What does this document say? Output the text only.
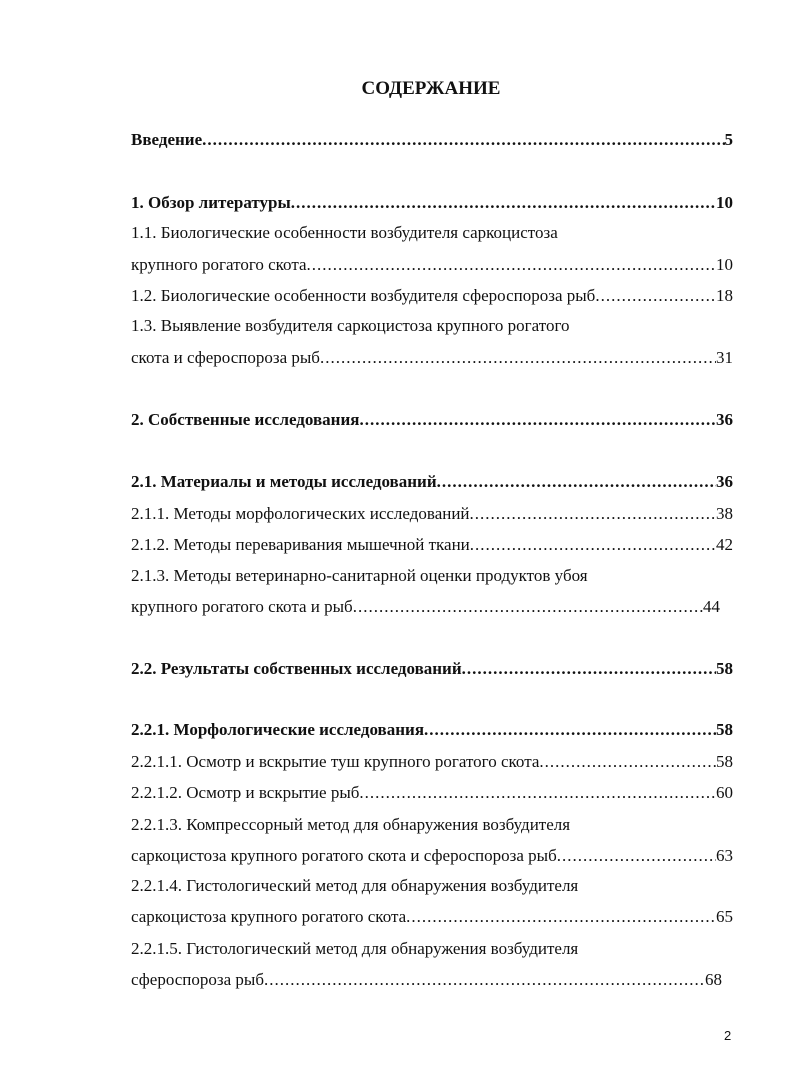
СОДЕРЖАНИЕ
Введение .....	5
1. Обзор литературы .....	10
1.1. Биологические особенности возбудителя саркоцистоза
крупного рогатого скота .....	10
1.2. Биологические особенности возбудителя сфероспороза рыб .....	18
1.3. Выявление возбудителя саркоцистоза крупного рогатого
скота и сфероспороза рыб .....	31
2. Собственные исследования .....	36
2.1. Материалы и методы исследований .....	36
2.1.1. Методы морфологических исследований .....	38
2.1.2. Методы переваривания мышечной ткани .....	42
2.1.3. Методы ветеринарно-санитарной оценки продуктов убоя
крупного рогатого скота и рыб .....	44
2.2. Результаты собственных исследований .....	58
2.2.1. Морфологические исследования .....	58
2.2.1.1. Осмотр и вскрытие туш крупного рогатого скота .....	58
2.2.1.2. Осмотр и вскрытие рыб .....	60
2.2.1.3. Компрессорный метод для обнаружения возбудителя
саркоцистоза крупного рогатого скота и сфероспороза рыб .....	63
2.2.1.4. Гистологический метод для обнаружения возбудителя
саркоцистоза крупного рогатого скота .....	65
2.2.1.5. Гистологический метод для обнаружения возбудителя
сфероспороза рыб .....	68
2
